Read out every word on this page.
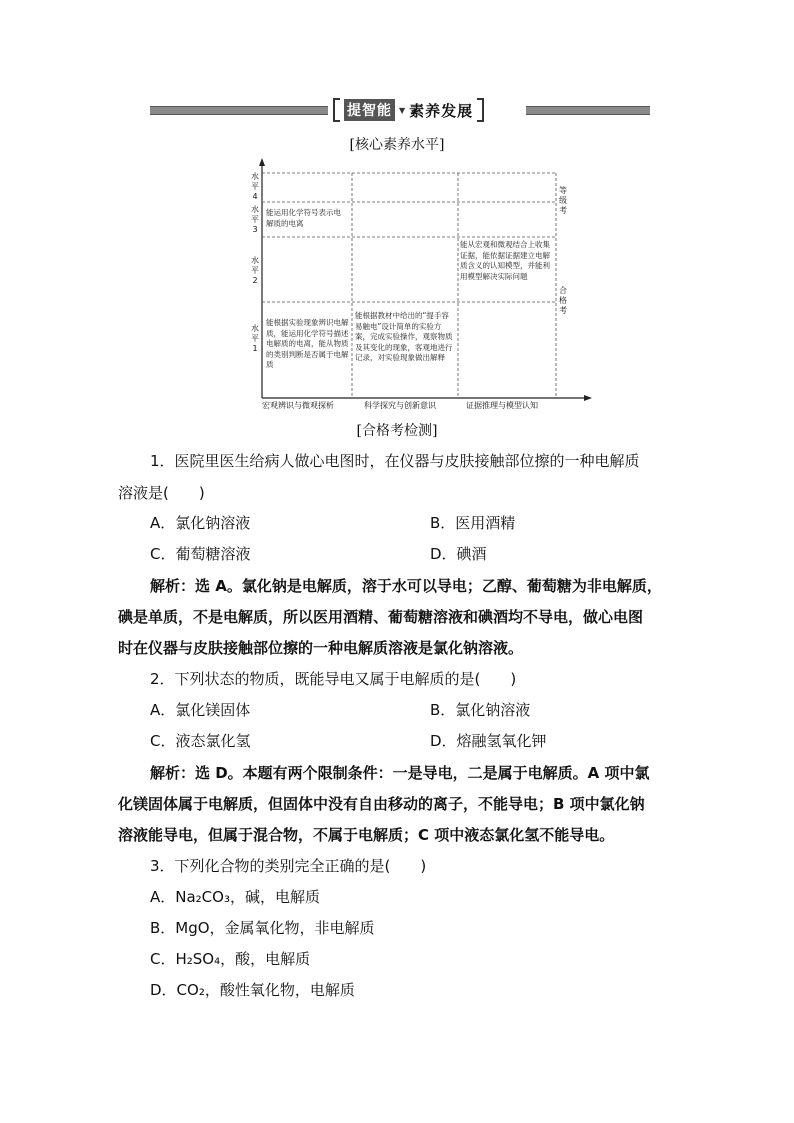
提智能 ▼ 素养发展
[核心素养水平]
水平4
水平3
水平2
水平1
能运用化学符号表示电解质的电离
能从宏观和微观结合上收集证据，能依据证据建立电解质含义的认知模型，并能利用模型解决实际问题
能根据实验现象辨识电解质，能运用化学符号描述电解质的电离，能从物质的类别判断是否属于电解质
能根据教材中给出的“提手容易触电”设计简单的实验方案，完成实验操作，观察物质及其变化的现象，客观地进行记录，对实验现象做出解释
等级考
合格考
宏观辨识与微观探析	科学探究与创新意识	证据推理与模型认知
[合格考检测]
1．医院里医生给病人做心电图时，在仪器与皮肤接触部位擦的一种电解质
溶液是(　　)
A．氯化钠溶液	B．医用酒精
C．葡萄糖溶液	D．碘酒
解析：选 A。氯化钠是电解质，溶于水可以导电；乙醇、葡萄糖为非电解质，
碘是单质，不是电解质，所以医用酒精、葡萄糖溶液和碘酒均不导电，做心电图
时在仪器与皮肤接触部位擦的一种电解质溶液是氯化钠溶液。
2．下列状态的物质，既能导电又属于电解质的是(　　)
A．氯化镁固体	B．氯化钠溶液
C．液态氯化氢	D．熔融氢氧化钾
解析：选 D。本题有两个限制条件：一是导电，二是属于电解质。A 项中氯
化镁固体属于电解质，但固体中没有自由移动的离子，不能导电；B 项中氯化钠
溶液能导电，但属于混合物，不属于电解质；C 项中液态氯化氢不能导电。
3．下列化合物的类别完全正确的是(　　)
A．Na₂CO₃，碱，电解质
B．MgO，金属氧化物，非电解质
C．H₂SO₄，酸，电解质
D．CO₂，酸性氧化物，电解质
